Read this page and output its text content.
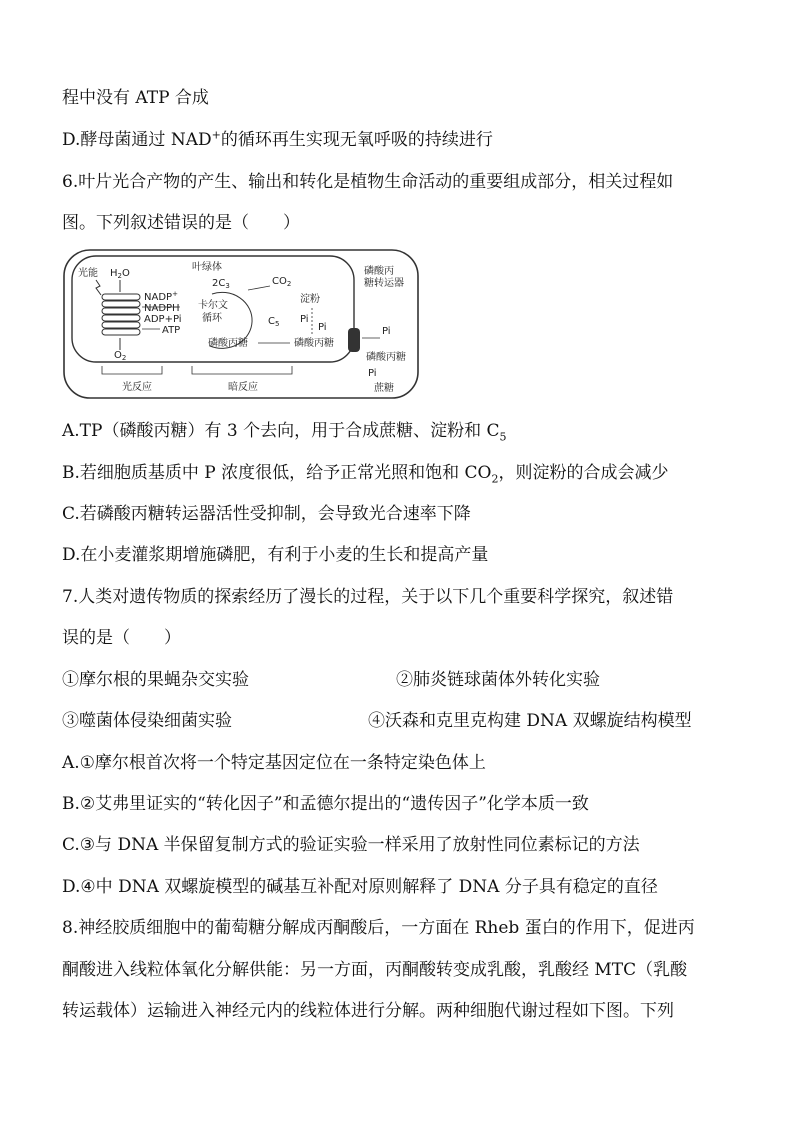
程中没有 ATP 合成
D.酵母菌通过 NAD+的循环再生实现无氧呼吸的持续进行
6.叶片光合产物的产生、输出和转化是植物生命活动的重要组成部分，相关过程如
图。下列叙述错误的是（　　）
光能 $H_2O$
叶绿体
NADP+
NADPH
ADP+Pi
ATP
$O_2$
$2C_3$	$CO_2$
卡尔文
循环	$C_5$
淀粉
Pi
Pi
磷酸丙糖	磷酸丙糖
磷酸丙
糖转运器
Pi
磷酸丙糖
Pi
蔗糖
光反应	暗反应
A.TP（磷酸丙糖）有 3 个去向，用于合成蔗糖、淀粉和 $C_5$
B.若细胞质基质中 P 浓度很低，给予正常光照和饱和 $CO_2$，则淀粉的合成会减少
C.若磷酸丙糖转运器活性受抑制，会导致光合速率下降
D.在小麦灌浆期增施磷肥，有利于小麦的生长和提高产量
7.人类对遗传物质的探索经历了漫长的过程，关于以下几个重要科学探究，叙述错
误的是（　　）
①摩尔根的果蝇杂交实验	②肺炎链球菌体外转化实验
③噬菌体侵染细菌实验	④沃森和克里克构建 DNA 双螺旋结构模型
A.①摩尔根首次将一个特定基因定位在一条特定染色体上
B.②艾弗里证实的“转化因子”和孟德尔提出的“遗传因子”化学本质一致
C.③与 DNA 半保留复制方式的验证实验一样采用了放射性同位素标记的方法
D.④中 DNA 双螺旋模型的碱基互补配对原则解释了 DNA 分子具有稳定的直径
8.神经胶质细胞中的葡萄糖分解成丙酮酸后，一方面在 Rheb 蛋白的作用下，促进丙
酮酸进入线粒体氧化分解供能：另一方面，丙酮酸转变成乳酸，乳酸经 MTC（乳酸
转运载体）运输进入神经元内的线粒体进行分解。两种细胞代谢过程如下图。下列
